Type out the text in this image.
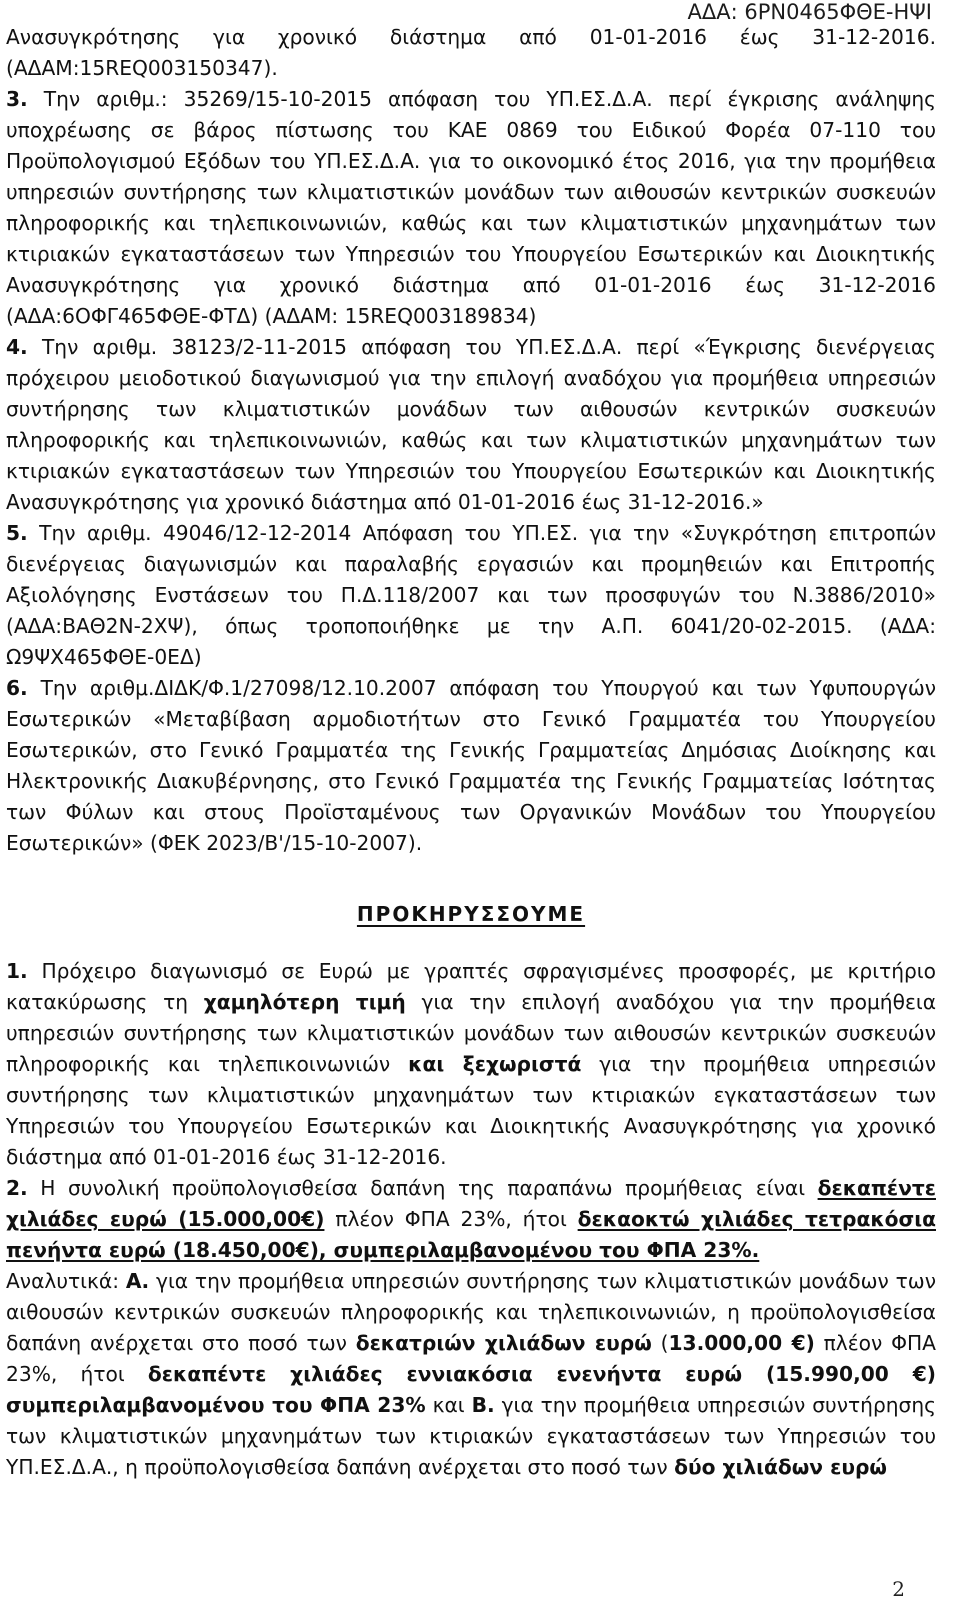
ΑΔΑ: 6ΡΝ0465ΦΘΕ-ΗΨΙ

Ανασυγκρότησης για χρονικό διάστημα από 01-01-2016 έως 31-12-2016. (ΑΔΑΜ:15REQ003150347).

3. Την αριθμ.: 35269/15-10-2015 απόφαση του ΥΠ.ΕΣ.Δ.Α. περί έγκρισης ανάληψης υποχρέωσης σε βάρος πίστωσης του ΚΑΕ 0869 του Ειδικού Φορέα 07-110 του Προϋπολογισμού Εξόδων του ΥΠ.ΕΣ.Δ.Α. για το οικονομικό έτος 2016, για την προμήθεια υπηρεσιών συντήρησης των κλιματιστικών μονάδων των αιθουσών κεντρικών συσκευών πληροφορικής και τηλεπικοινωνιών, καθώς και των κλιματιστικών μηχανημάτων των κτιριακών εγκαταστάσεων των Υπηρεσιών του Υπουργείου Εσωτερικών και Διοικητικής Ανασυγκρότησης για χρονικό διάστημα από 01-01-2016 έως 31-12-2016 (ΑΔΑ:6ΟΦΓ465ΦΘΕ-ΦΤΔ) (ΑΔΑΜ: 15REQ003189834)

4. Την αριθμ. 38123/2-11-2015 απόφαση του ΥΠ.ΕΣ.Δ.Α. περί «Έγκρισης διενέργειας πρόχειρου μειοδοτικού διαγωνισμού για την επιλογή αναδόχου για προμήθεια υπηρεσιών συντήρησης των κλιματιστικών μονάδων των αιθουσών κεντρικών συσκευών πληροφορικής και τηλεπικοινωνιών, καθώς και των κλιματιστικών μηχανημάτων των κτιριακών εγκαταστάσεων των Υπηρεσιών του Υπουργείου Εσωτερικών και Διοικητικής Ανασυγκρότησης για χρονικό διάστημα από 01-01-2016 έως 31-12-2016.»

5. Την αριθμ. 49046/12-12-2014 Απόφαση του ΥΠ.ΕΣ. για την «Συγκρότηση επιτροπών διενέργειας διαγωνισμών και παραλαβής εργασιών και προμηθειών και Επιτροπής Αξιολόγησης Ενστάσεων του Π.Δ.118/2007 και των προσφυγών του Ν.3886/2010» (ΑΔΑ:ΒΑΘ2Ν-2ΧΨ), όπως τροποποιήθηκε με την Α.Π. 6041/20-02-2015. (ΑΔΑ: Ω9ΨΧ465ΦΘΕ-0ΕΔ)

6. Την αριθμ.ΔΙΔΚ/Φ.1/27098/12.10.2007 απόφαση του Υπουργού και των Υφυπουργών Εσωτερικών «Μεταβίβαση αρμοδιοτήτων στο Γενικό Γραμματέα του Υπουργείου Εσωτερικών, στο Γενικό Γραμματέα της Γενικής Γραμματείας Δημόσιας Διοίκησης και Ηλεκτρονικής Διακυβέρνησης, στο Γενικό Γραμματέα της Γενικής Γραμματείας Ισότητας των Φύλων και στους Προϊσταμένους των Οργανικών Μονάδων του Υπουργείου Εσωτερικών» (ΦΕΚ 2023/Β'/15-10-2007).

ΠΡΟΚΗΡΥΣΣΟΥΜΕ

1. Πρόχειρο διαγωνισμό σε Ευρώ με γραπτές σφραγισμένες προσφορές, με κριτήριο κατακύρωσης τη χαμηλότερη τιμή για την επιλογή αναδόχου για την προμήθεια υπηρεσιών συντήρησης των κλιματιστικών μονάδων των αιθουσών κεντρικών συσκευών πληροφορικής και τηλεπικοινωνιών και ξεχωριστά για την προμήθεια υπηρεσιών συντήρησης των κλιματιστικών μηχανημάτων των κτιριακών εγκαταστάσεων των Υπηρεσιών του Υπουργείου Εσωτερικών και Διοικητικής Ανασυγκρότησης για χρονικό διάστημα από 01-01-2016 έως 31-12-2016.

2. Η συνολική προϋπολογισθείσα δαπάνη της παραπάνω προμήθειας είναι δεκαπέντε χιλιάδες ευρώ (15.000,00€) πλέον ΦΠΑ 23%, ήτοι δεκαοκτώ χιλιάδες τετρακόσια πενήντα ευρώ (18.450,00€), συμπεριλαμβανομένου του ΦΠΑ 23%.

Αναλυτικά: Α. για την προμήθεια υπηρεσιών συντήρησης των κλιματιστικών μονάδων των αιθουσών κεντρικών συσκευών πληροφορικής και τηλεπικοινωνιών, η προϋπολογισθείσα δαπάνη ανέρχεται στο ποσό των δεκατριών χιλιάδων ευρώ (13.000,00 €) πλέον ΦΠΑ 23%, ήτοι δεκαπέντε χιλιάδες εννιακόσια ενενήντα ευρώ (15.990,00 €) συμπεριλαμβανομένου του ΦΠΑ 23% και Β. για την προμήθεια υπηρεσιών συντήρησης των κλιματιστικών μηχανημάτων των κτιριακών εγκαταστάσεων των Υπηρεσιών του ΥΠ.ΕΣ.Δ.Α., η προϋπολογισθείσα δαπάνη ανέρχεται στο ποσό των δύο χιλιάδων ευρώ

2
